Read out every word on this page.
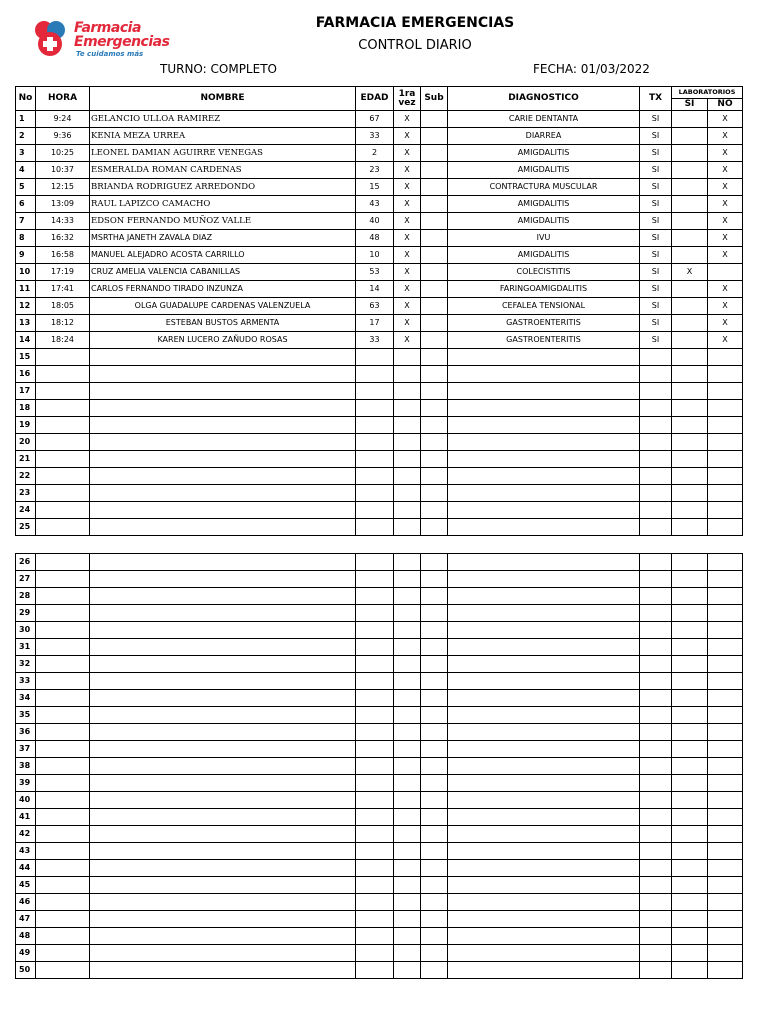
Farmacia
Emergencias
Te cuidamos más
FARMACIA EMERGENCIAS
CONTROL DIARIO
TURNO: COMPLETO	FECHA: 01/03/2022
No	HORA	NOMBRE	EDAD	1ra vez	Sub	DIAGNOSTICO	TX	LABORATORIOS	
								SI	NO
1	9:24	GELANCIO ULLOA RAMIREZ	67	X		CARIE DENTANTA	SI		X
2	9:36	KENIA MEZA URREA	33	X		DIARREA	SI		X
3	10:25	LEONEL DAMIAN AGUIRRE VENEGAS	2	X		AMIGDALITIS	SI		X
4	10:37	ESMERALDA ROMAN CARDENAS	23	X		AMIGDALITIS	SI		X
5	12:15	BRIANDA RODRIGUEZ ARREDONDO	15	X		CONTRACTURA MUSCULAR	SI		X
6	13:09	RAUL LAPIZCO CAMACHO	43	X		AMIGDALITIS	SI		X
7	14:33	EDSON FERNANDO MUÑOZ VALLE	40	X		AMIGDALITIS	SI		X
8	16:32	MSRTHA JANETH ZAVALA DIAZ	48	X		IVU	SI		X
9	16:58	MANUEL ALEJADRO ACOSTA CARRILLO	10	X		AMIGDALITIS	SI		X
10	17:19	CRUZ AMELIA VALENCIA CABANILLAS	53	X		COLECISTITIS	SI	X	
11	17:41	CARLOS FERNANDO TIRADO INZUNZA	14	X		FARINGOAMIGDALITIS	SI		X
12	18:05	OLGA GUADALUPE CARDENAS VALENZUELA	63	X		CEFALEA TENSIONAL	SI		X
13	18:12	ESTEBAN BUSTOS ARMENTA	17	X		GASTROENTERITIS	SI		X
14	18:24	KAREN LUCERO ZAÑUDO ROSAS	33	X		GASTROENTERITIS	SI		X
15									
16									
17									
18									
19									
20									
21									
22									
23									
24									
25									
26									
27									
28									
29									
30									
31									
32									
33									
34									
35									
36									
37									
38									
39									
40									
41									
42									
43									
44									
45									
46									
47									
48									
49									
50									
